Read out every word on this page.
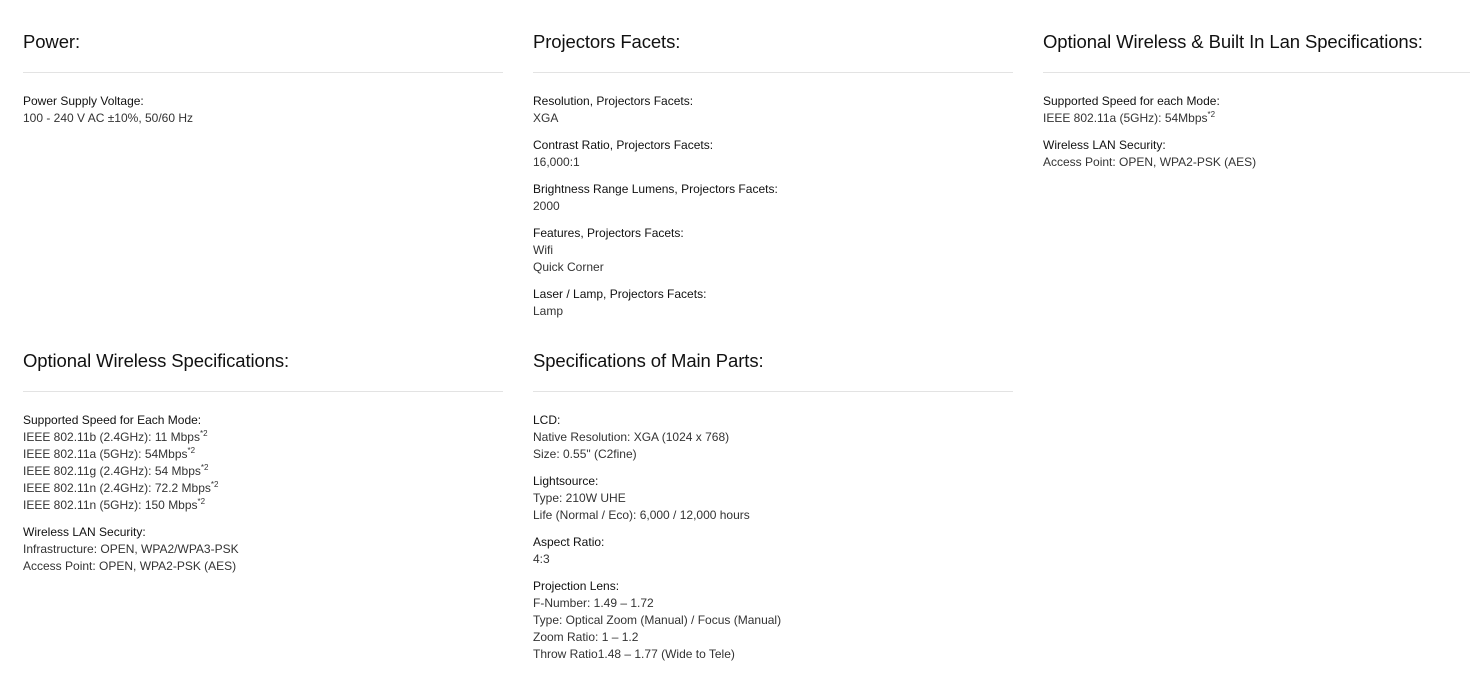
Power:
Power Supply Voltage:
100 - 240 V AC ±10%, 50/60 Hz
Projectors Facets:
Resolution, Projectors Facets:
XGA
Contrast Ratio, Projectors Facets:
16,000:1
Brightness Range Lumens, Projectors Facets:
2000
Features, Projectors Facets:
Wifi
Quick Corner
Laser / Lamp, Projectors Facets:
Lamp
Optional Wireless & Built In Lan Specifications:
Supported Speed for each Mode:
IEEE 802.11a (5GHz): 54Mbps$^{*2}$
Wireless LAN Security:
Access Point: OPEN, WPA2-PSK (AES)
Optional Wireless Specifications:
Supported Speed for Each Mode:
IEEE 802.11b (2.4GHz): 11 Mbps$^{*2}$
IEEE 802.11a (5GHz): 54Mbps$^{*2}$
IEEE 802.11g (2.4GHz): 54 Mbps$^{*2}$
IEEE 802.11n (2.4GHz): 72.2 Mbps$^{*2}$
IEEE 802.11n (5GHz): 150 Mbps$^{*2}$
Wireless LAN Security:
Infrastructure: OPEN, WPA2/WPA3-PSK
Access Point: OPEN, WPA2-PSK (AES)
Specifications of Main Parts:
LCD:
Native Resolution: XGA (1024 x 768)
Size: 0.55" (C2fine)
Lightsource:
Type: 210W UHE
Life (Normal / Eco): 6,000 / 12,000 hours
Aspect Ratio:
4:3
Projection Lens:
F-Number: 1.49 – 1.72
Type: Optical Zoom (Manual) / Focus (Manual)
Zoom Ratio: 1 – 1.2
Throw Ratio1.48 – 1.77 (Wide to Tele)
